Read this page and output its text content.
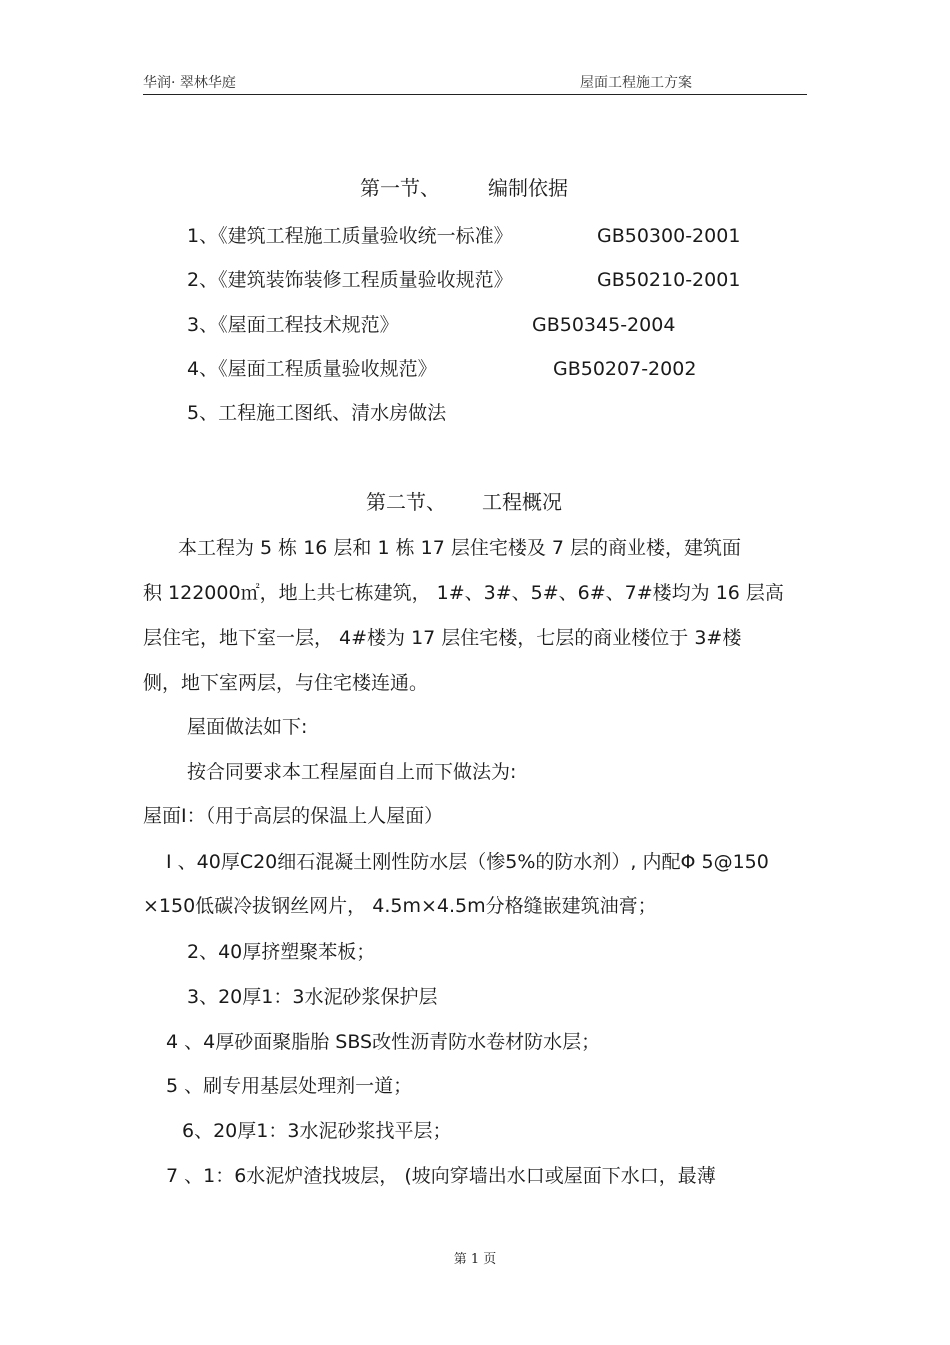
华润· 翠林华庭	屋面工程施工方案
第一节、 编制依据
1、《建筑工程施工质量验收统一标准》	GB50300-2001
2、《建筑装饰装修工程质量验收规范》	GB50210-2001
3、《屋面工程技术规范》	GB50345-2004
4、《屋面工程质量验收规范》	GB50207-2002
5、工程施工图纸、清水房做法
第二节、 工程概况
本工程为 5 栋 16 层和 1 栋 17 层住宅楼及 7 层的商业楼，建筑面
积 122000㎡，地上共七栋建筑， 1#、3#、5#、6#、7#楼均为 16 层高
层住宅，地下室一层， 4#楼为 17 层住宅楼，七层的商业楼位于 3#楼
侧，地下室两层，与住宅楼连通。
屋面做法如下:
按合同要求本工程屋面自上而下做法为:
屋面Ⅰ：（用于高层的保温上人屋面）
Ⅰ 、40厚C20细石混凝土刚性防水层（惨5%的防水剂）, 内配Φ 5@150
×150低碳冷拔钢丝网片， 4.5m×4.5m分格缝嵌建筑油膏；
2、40厚挤塑聚苯板；
3、20厚1：3水泥砂浆保护层
4 、4厚砂面聚脂胎 SBS改性沥青防水卷材防水层；
5 、刷专用基层处理剂一道；
6、20厚1：3水泥砂浆找平层；
7 、1：6水泥炉渣找坡层， (坡向穿墙出水口或屋面下水口，最薄
第 1 页
